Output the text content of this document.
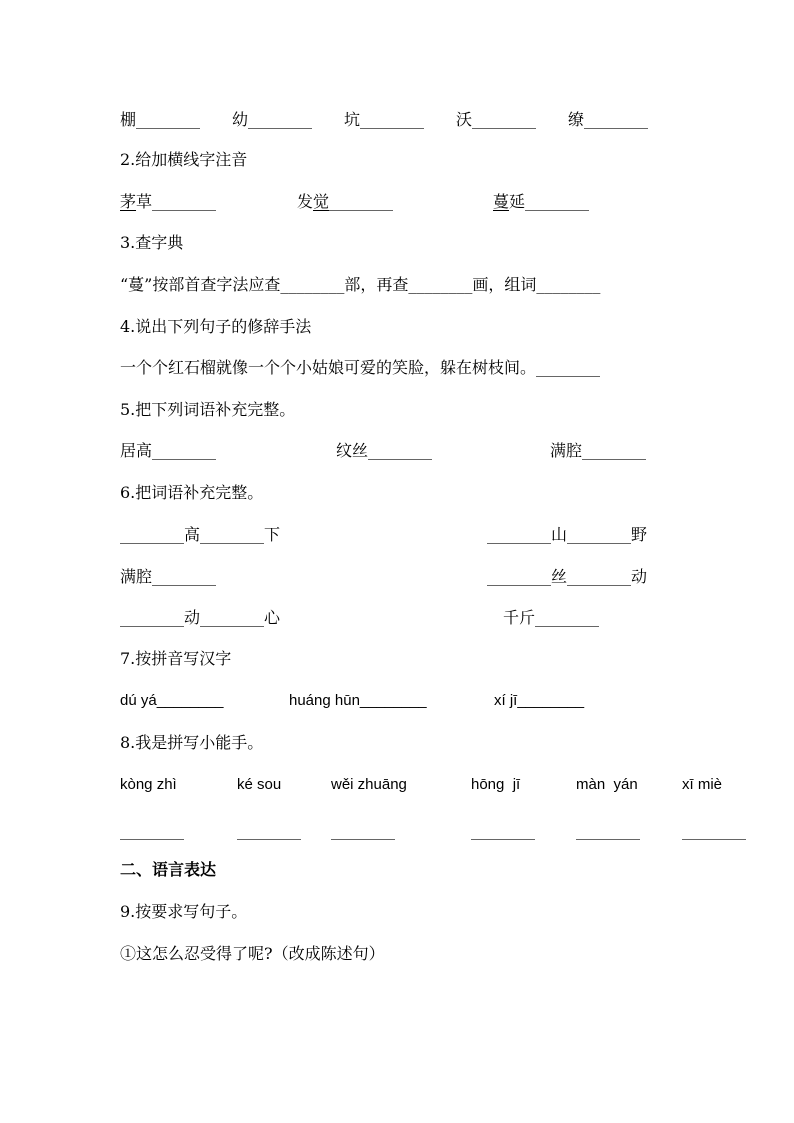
棚________ 幼________ 坑________ 沃________ 缭________
2.给加横线字注音
茅草________	发觉________	蔓延________
3.查字典
“蔓”按部首查字法应查________部，再查________画，组词________
4.说出下列句子的修辞手法
一个个红石榴就像一个个小姑娘可爱的笑脸，躲在树枝间。________
5.把下列词语补充完整。
居高________	纹丝________	满腔________
6.把词语补充完整。
________高________下	________山________野
满腔________	________丝________动
________动________心	千斤________
7.按拼音写汉字
dú yá________	huáng hūn________	xí jī________
8.我是拼写小能手。
kòng zhì	ké sou	wěi zhuāng	hōng  jī	màn  yán	xī miè
________	________ ________	________	________	________
二、语言表达
9.按要求写句子。
①这怎么忍受得了呢?（改成陈述句）
